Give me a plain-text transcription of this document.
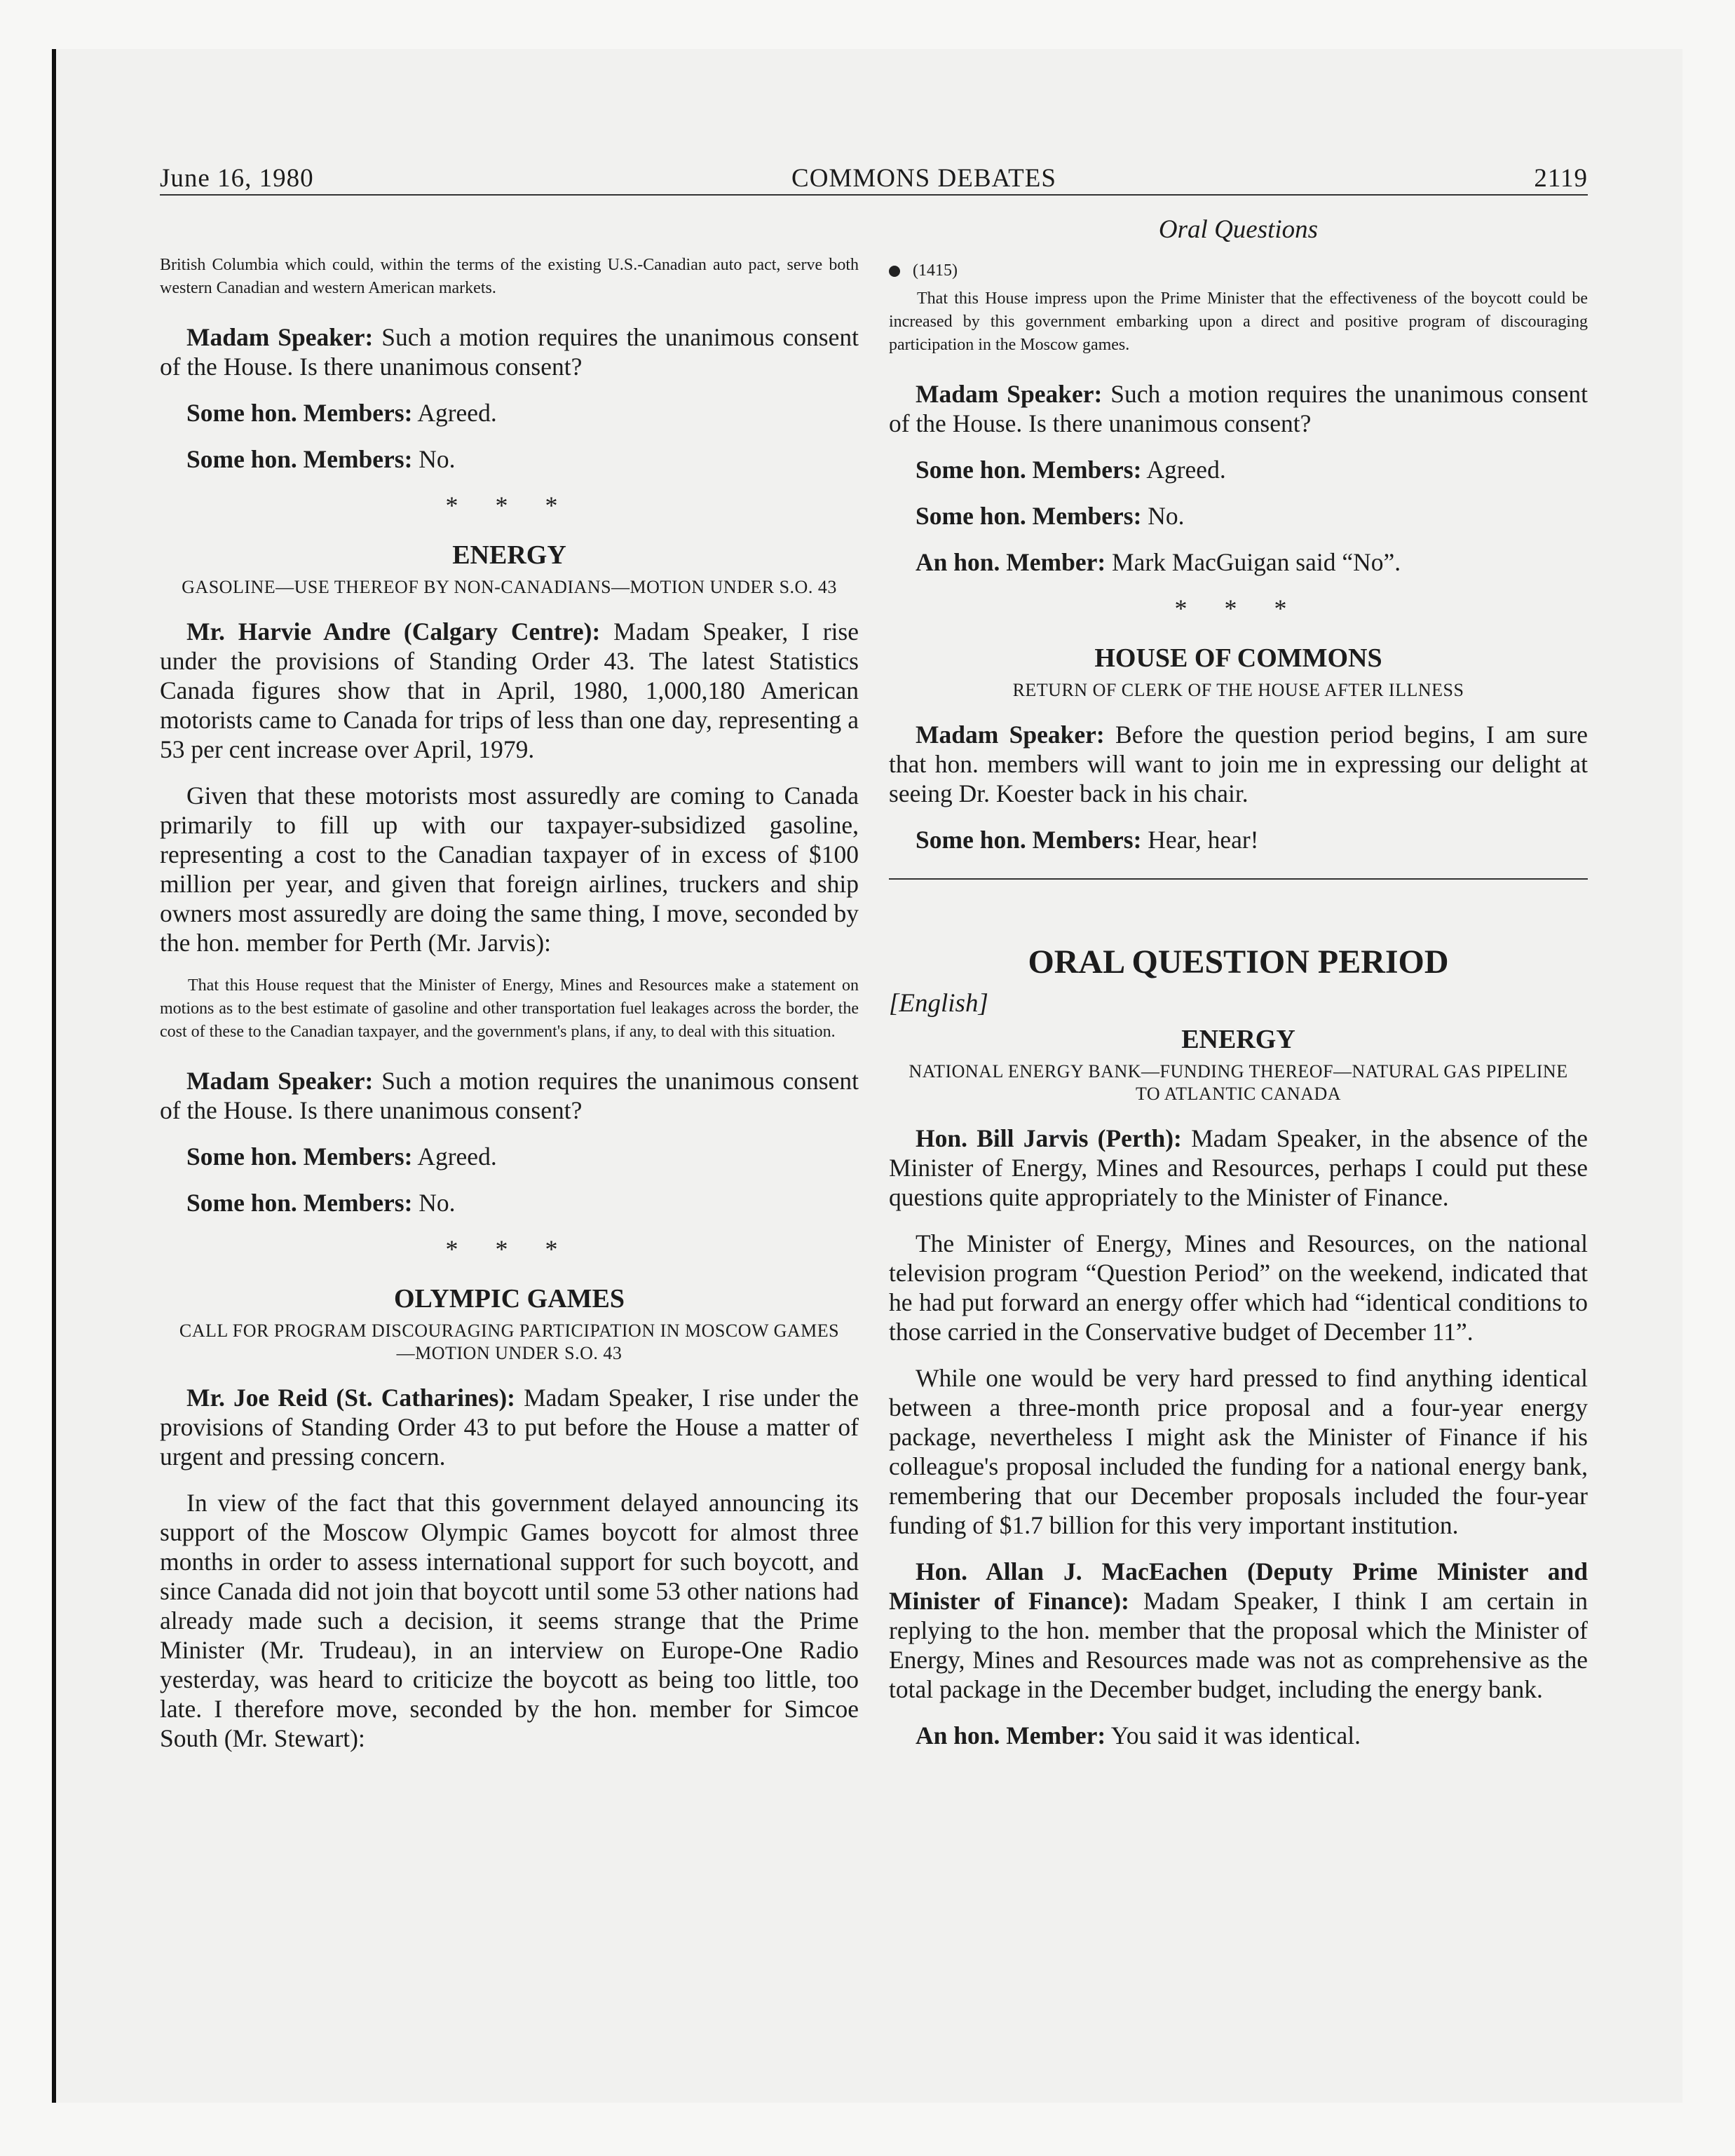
June 16, 1980	COMMONS DEBATES	2119

British Columbia which could, within the terms of the existing U.S.-Canadian auto pact, serve both western Canadian and western American markets.

Madam Speaker: Such a motion requires the unanimous consent of the House. Is there unanimous consent?

Some hon. Members: Agreed.

Some hon. Members: No.

* * *
ENERGY
GASOLINE—USE THEREOF BY NON-CANADIANS—MOTION UNDER S.O. 43

Mr. Harvie Andre (Calgary Centre): Madam Speaker, I rise under the provisions of Standing Order 43. The latest Statistics Canada figures show that in April, 1980, 1,000,180 American motorists came to Canada for trips of less than one day, representing a 53 per cent increase over April, 1979.

Given that these motorists most assuredly are coming to Canada primarily to fill up with our taxpayer-subsidized gasoline, representing a cost to the Canadian taxpayer of in excess of $100 million per year, and given that foreign airlines, truckers and ship owners most assuredly are doing the same thing, I move, seconded by the hon. member for Perth (Mr. Jarvis):

That this House request that the Minister of Energy, Mines and Resources make a statement on motions as to the best estimate of gasoline and other transportation fuel leakages across the border, the cost of these to the Canadian taxpayer, and the government's plans, if any, to deal with this situation.

Madam Speaker: Such a motion requires the unanimous consent of the House. Is there unanimous consent?

Some hon. Members: Agreed.

Some hon. Members: No.

* * *
OLYMPIC GAMES
CALL FOR PROGRAM DISCOURAGING PARTICIPATION IN MOSCOW GAMES—MOTION UNDER S.O. 43

Mr. Joe Reid (St. Catharines): Madam Speaker, I rise under the provisions of Standing Order 43 to put before the House a matter of urgent and pressing concern.

In view of the fact that this government delayed announcing its support of the Moscow Olympic Games boycott for almost three months in order to assess international support for such boycott, and since Canada did not join that boycott until some 53 other nations had already made such a decision, it seems strange that the Prime Minister (Mr. Trudeau), in an interview on Europe-One Radio yesterday, was heard to criticize the boycott as being too little, too late. I therefore move, seconded by the hon. member for Simcoe South (Mr. Stewart):

Oral Questions
(1415)

That this House impress upon the Prime Minister that the effectiveness of the boycott could be increased by this government embarking upon a direct and positive program of discouraging participation in the Moscow games.

Madam Speaker: Such a motion requires the unanimous consent of the House. Is there unanimous consent?

Some hon. Members: Agreed.

Some hon. Members: No.

An hon. Member: Mark MacGuigan said “No”.

* * *
HOUSE OF COMMONS
RETURN OF CLERK OF THE HOUSE AFTER ILLNESS

Madam Speaker: Before the question period begins, I am sure that hon. members will want to join me in expressing our delight at seeing Dr. Koester back in his chair.

Some hon. Members: Hear, hear!

ORAL QUESTION PERIOD
[English]
ENERGY
NATIONAL ENERGY BANK—FUNDING THEREOF—NATURAL GAS PIPELINE TO ATLANTIC CANADA

Hon. Bill Jarvis (Perth): Madam Speaker, in the absence of the Minister of Energy, Mines and Resources, perhaps I could put these questions quite appropriately to the Minister of Finance.

The Minister of Energy, Mines and Resources, on the national television program “Question Period” on the weekend, indicated that he had put forward an energy offer which had “identical conditions to those carried in the Conservative budget of December 11”.

While one would be very hard pressed to find anything identical between a three-month price proposal and a four-year energy package, nevertheless I might ask the Minister of Finance if his colleague's proposal included the funding for a national energy bank, remembering that our December proposals included the four-year funding of $1.7 billion for this very important institution.

Hon. Allan J. MacEachen (Deputy Prime Minister and Minister of Finance): Madam Speaker, I think I am certain in replying to the hon. member that the proposal which the Minister of Energy, Mines and Resources made was not as comprehensive as the total package in the December budget, including the energy bank.

An hon. Member: You said it was identical.
